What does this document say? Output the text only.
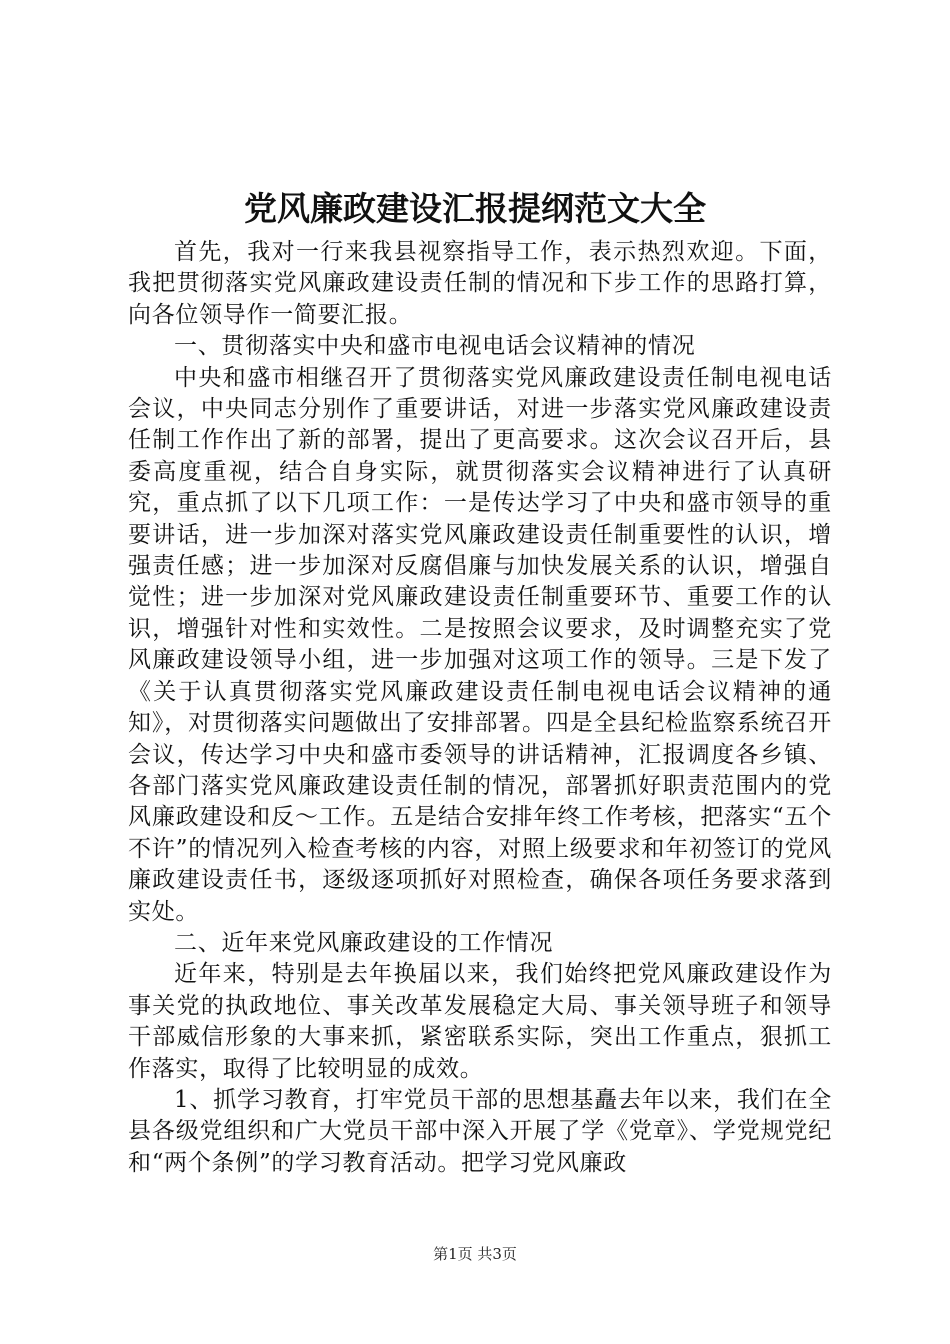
党风廉政建设汇报提纲范文大全

首先，我对一行来我县视察指导工作，表示热烈欢迎。下面，我把贯彻落实党风廉政建设责任制的情况和下步工作的思路打算，向各位领导作一简要汇报。

一、贯彻落实中央和盛市电视电话会议精神的情况

中央和盛市相继召开了贯彻落实党风廉政建设责任制电视电话会议，中央同志分别作了重要讲话，对进一步落实党风廉政建设责任制工作作出了新的部署，提出了更高要求。这次会议召开后，县委高度重视，结合自身实际，就贯彻落实会议精神进行了认真研究，重点抓了以下几项工作：一是传达学习了中央和盛市领导的重要讲话，进一步加深对落实党风廉政建设责任制重要性的认识，增强责任感；进一步加深对反腐倡廉与加快发展关系的认识，增强自觉性；进一步加深对党风廉政建设责任制重要环节、重要工作的认识，增强针对性和实效性。二是按照会议要求，及时调整充实了党风廉政建设领导小组，进一步加强对这项工作的领导。三是下发了《关于认真贯彻落实党风廉政建设责任制电视电话会议精神的通知》，对贯彻落实问题做出了安排部署。四是全县纪检监察系统召开会议，传达学习中央和盛市委领导的讲话精神，汇报调度各乡镇、各部门落实党风廉政建设责任制的情况，部署抓好职责范围内的党风廉政建设和反～工作。五是结合安排年终工作考核，把落实“五个不许”的情况列入检查考核的内容，对照上级要求和年初签订的党风廉政建设责任书，逐级逐项抓好对照检查，确保各项任务要求落到实处。

二、近年来党风廉政建设的工作情况

近年来，特别是去年换届以来，我们始终把党风廉政建设作为事关党的执政地位、事关改革发展稳定大局、事关领导班子和领导干部威信形象的大事来抓，紧密联系实际，突出工作重点，狠抓工作落实，取得了比较明显的成效。

1、抓学习教育，打牢党员干部的思想基矗去年以来，我们在全县各级党组织和广大党员干部中深入开展了学《党章》、学党规党纪和“两个条例”的学习教育活动。把学习党风廉政

第1页 共3页
